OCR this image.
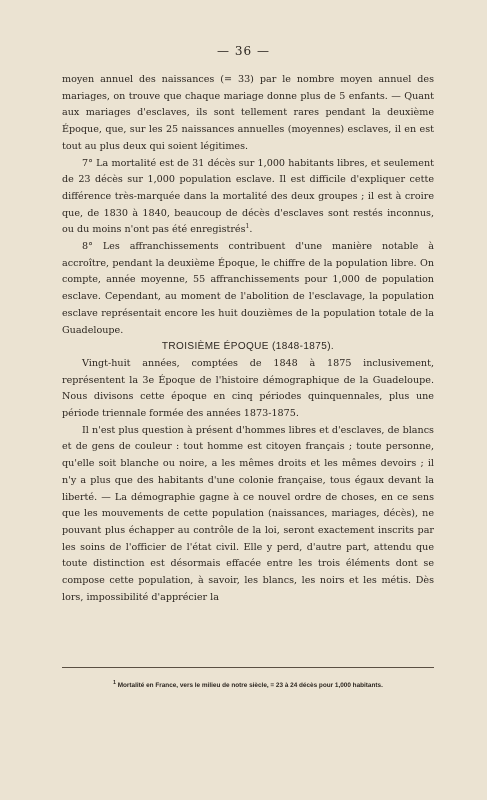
— 36 —

moyen annuel des naissances (= 33) par le nombre moyen annuel des mariages, on trouve que chaque mariage donne plus de 5 enfants. — Quant aux mariages d'esclaves, ils sont tellement rares pendant la deuxième Époque, que, sur les 25 naissances annuelles (moyennes) esclaves, il en est tout au plus deux qui soient légitimes.

7° La mortalité est de 31 décès sur 1,000 habitants libres, et seulement de 23 décès sur 1,000 population esclave. Il est difficile d'expliquer cette différence très-marquée dans la mortalité des deux groupes ; il est à croire que, de 1830 à 1840, beaucoup de décès d'esclaves sont restés inconnus, ou du moins n'ont pas été enregistrés$^1$.

8° Les affranchissements contribuent d'une manière notable à accroître, pendant la deuxième Époque, le chiffre de la population libre. On compte, année moyenne, 55 affranchissements pour 1,000 de population esclave. Cependant, au moment de l'abolition de l'esclavage, la population esclave représentait encore les huit douzièmes de la population totale de la Guadeloupe.

TROISIÈME ÉPOQUE (1848-1875).

Vingt-huit années, comptées de 1848 à 1875 inclusivement, représentent la 3e Époque de l'histoire démographique de la Guadeloupe. Nous divisons cette époque en cinq périodes quinquennales, plus une période triennale formée des années 1873-1875.

Il n'est plus question à présent d'hommes libres et d'esclaves, de blancs et de gens de couleur : tout homme est citoyen français ; toute personne, qu'elle soit blanche ou noire, a les mêmes droits et les mêmes devoirs ; il n'y a plus que des habitants d'une colonie française, tous égaux devant la liberté. — La démographie gagne à ce nouvel ordre de choses, en ce sens que les mouvements de cette population (naissances, mariages, décès), ne pouvant plus échapper au contrôle de la loi, seront exactement inscrits par les soins de l'officier de l'état civil. Elle y perd, d'autre part, attendu que toute distinction est désormais effacée entre les trois éléments dont se compose cette population, à savoir, les blancs, les noirs et les métis. Dès lors, impossibilité d'apprécier la

$^1$ Mortalité en France, vers le milieu de notre siècle, = 23 à 24 décès pour 1,000 habitants.
